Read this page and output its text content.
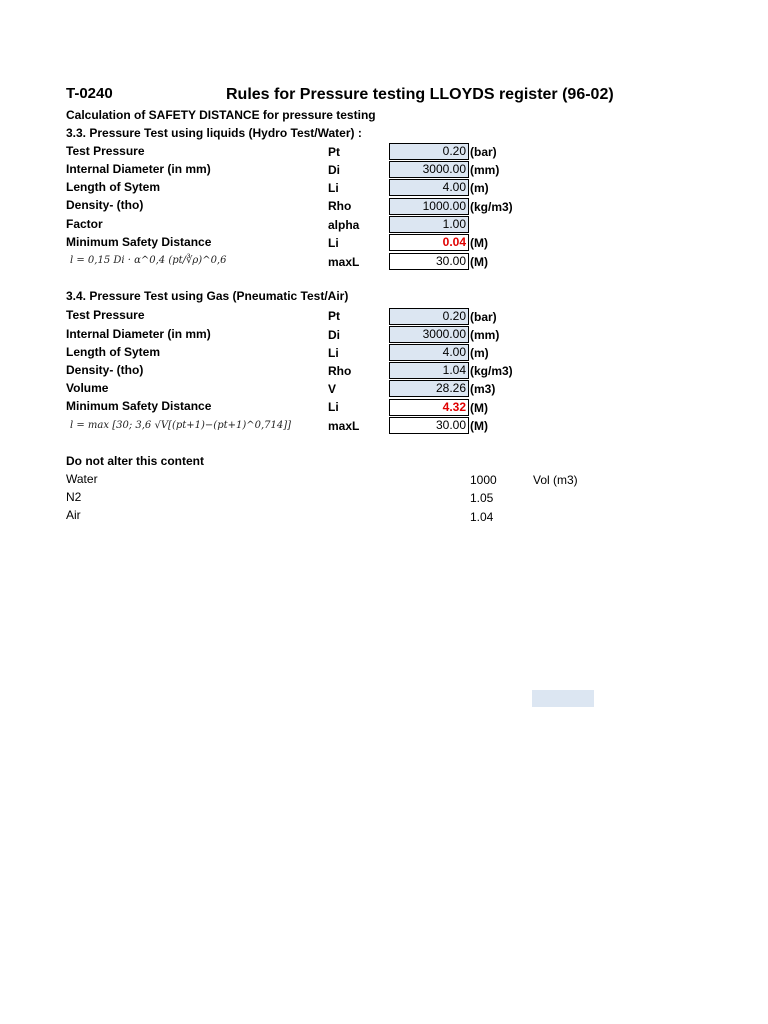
T-0240	Rules for Pressure testing LLOYDS register (96-02)
Calculation of SAFETY DISTANCE for pressure testing
3.3. Pressure Test using liquids (Hydro Test/Water) :
Test Pressure	Pt	0.20 (bar)
Internal Diameter (in mm)	Di	3000.00 (mm)
Length of Sytem	Li	4.00 (m)
Density- (tho)	Rho	1000.00 (kg/m3)
Factor	alpha	1.00
Minimum Safety Distance	Li	0.04 (M)
l = 0,15 Di · α^0,4 (pt/∛ρ)^0,6	maxL	30.00 (M)
3.4. Pressure Test using Gas (Pneumatic Test/Air)
Test Pressure	Pt	0.20 (bar)
Internal Diameter (in mm)	Di	3000.00 (mm)
Length of Sytem	Li	4.00 (m)
Density- (tho)	Rho	1.04 (kg/m3)
Volume	V	28.26 (m3)
Minimum Safety Distance	Li	4.32 (M)
l = max [30; 3,6 √V[(pt+1)−(pt+1)^0,714]]	maxL	30.00 (M)
Do not alter this content
Water	1000	Vol (m3)
N2	1.05
Air	1.04
